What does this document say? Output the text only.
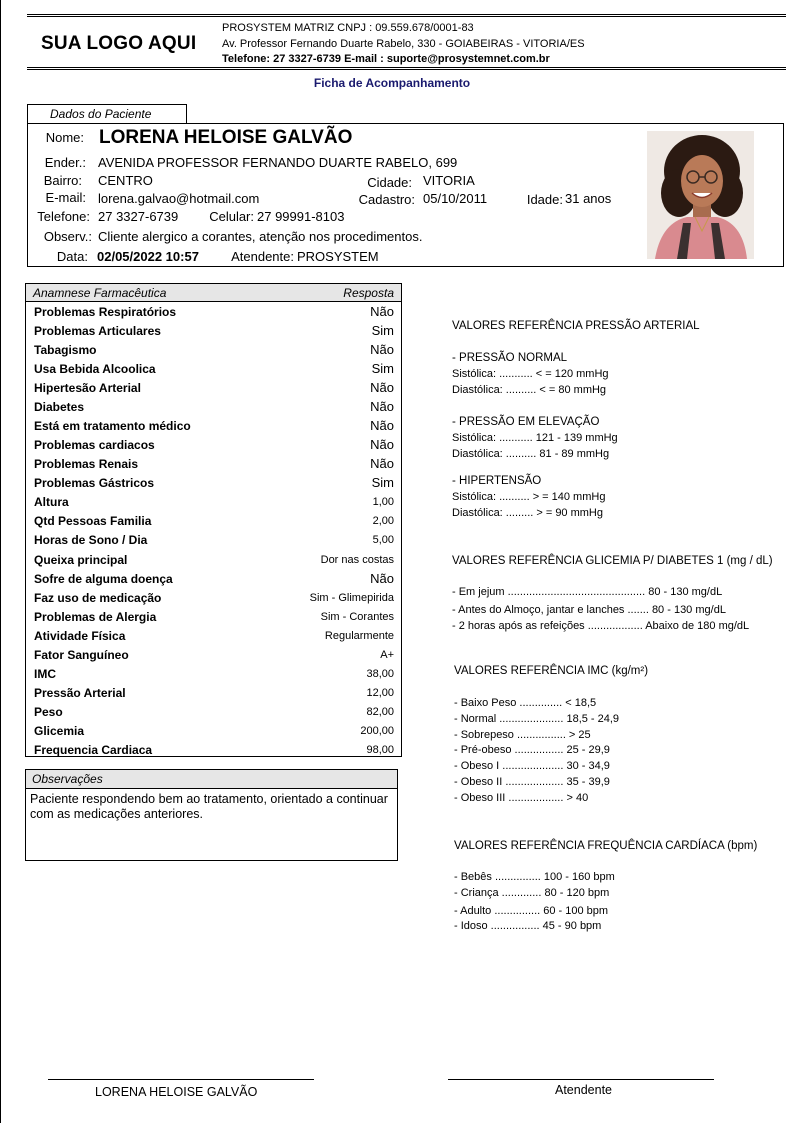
SUA LOGO AQUI
PROSYSTEM MATRIZ CNPJ : 09.559.678/0001-83
Av. Professor Fernando Duarte Rabelo, 330 - GOIABEIRAS - VITORIA/ES
Telefone: 27 3327-6739 E-mail : suporte@prosystemnet.com.br
Ficha de Acompanhamento
Dados do Paciente
Nome: LORENA HELOISE GALVÃO
Ender.: AVENIDA PROFESSOR FERNANDO DUARTE RABELO, 699
Bairro: CENTRO	Cidade: VITORIA
E-mail: lorena.galvao@hotmail.com	Cadastro: 05/10/2011	Idade: 31 anos
Telefone: 27 3327-6739	Celular: 27 99991-8103
Observ.: Cliente alergico a corantes, atenção nos procedimentos.
Data: 02/05/2022 10:57	Atendente: PROSYSTEM
Anamnese Farmacêutica	Resposta
Problemas Respiratórios	Não
Problemas Articulares	Sim
Tabagismo	Não
Usa Bebida Alcoolica	Sim
Hipertesão Arterial	Não
Diabetes	Não
Está em tratamento médico	Não
Problemas cardiacos	Não
Problemas Renais	Não
Problemas Gástricos	Sim
Altura	1,00
Qtd Pessoas Familia	2,00
Horas de Sono / Dia	5,00
Queixa principal	Dor nas costas
Sofre de alguma doença	Não
Faz uso de medicação	Sim - Glimepirida
Problemas de Alergia	Sim - Corantes
Atividade Física	Regularmente
Fator Sanguíneo	A+
IMC	38,00
Pressão Arterial	12,00
Peso	82,00
Glicemia	200,00
Frequencia Cardiaca	98,00
Observações
Paciente respondendo bem ao tratamento, orientado a continuar com as medicações anteriores.
VALORES REFERÊNCIA PRESSÃO ARTERIAL
- PRESSÃO NORMAL
Sistólica: ........... < = 120 mmHg
Diastólica: .......... < = 80 mmHg
- PRESSÃO EM ELEVAÇÃO
Sistólica: ........... 121 - 139 mmHg
Diastólica: .......... 81 - 89 mmHg
- HIPERTENSÃO
Sistólica: .......... > = 140 mmHg
Diastólica: ......... > = 90 mmHg
VALORES REFERÊNCIA GLICEMIA P/ DIABETES 1 (mg / dL)
- Em jejum ............................................. 80 - 130 mg/dL
- Antes do Almoço, jantar e lanches ....... 80 - 130 mg/dL
- 2 horas após as refeições .................. Abaixo de 180 mg/dL
VALORES REFERÊNCIA IMC (kg/m²)
- Baixo Peso .............. < 18,5
- Normal ..................... 18,5 - 24,9
- Sobrepeso ................ > 25
- Pré-obeso ................ 25 - 29,9
- Obeso I .................... 30 - 34,9
- Obeso II ................... 35 - 39,9
- Obeso III .................. > 40
VALORES REFERÊNCIA FREQUÊNCIA CARDÍACA (bpm)
- Bebês ............... 100 - 160 bpm
- Criança ............. 80 - 120 bpm
- Adulto ............... 60 - 100 bpm
- Idoso ................ 45 - 90 bpm
LORENA HELOISE GALVÃO	Atendente
